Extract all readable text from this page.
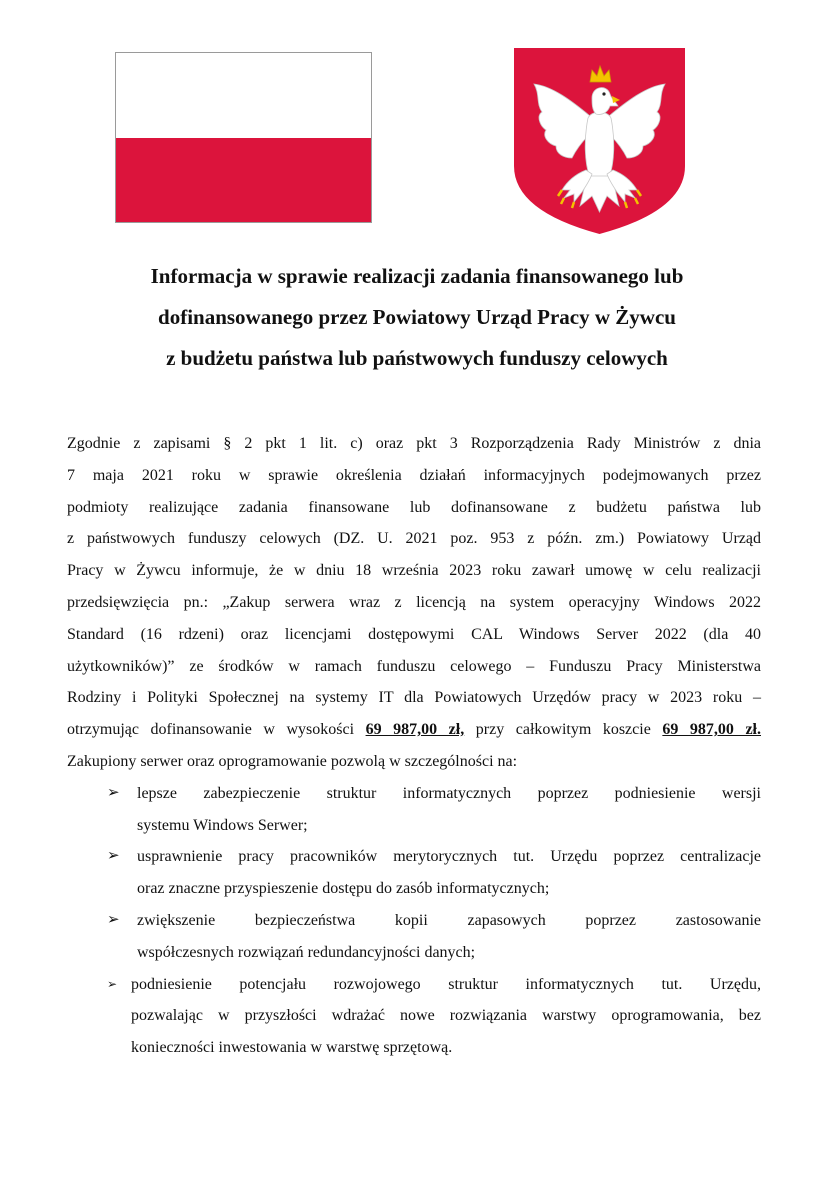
Informacja w sprawie realizacji zadania finansowanego lub
dofinansowanego przez Powiatowy Urząd Pracy w Żywcu
z budżetu państwa lub państwowych funduszy celowych

Zgodnie z zapisami § 2 pkt 1 lit. c) oraz pkt 3 Rozporządzenia Rady Ministrów z dnia
7 maja 2021 roku w sprawie określenia działań informacyjnych podejmowanych przez
podmioty realizujące zadania finansowane lub dofinansowane z budżetu państwa lub
z państwowych funduszy celowych (DZ. U. 2021 poz. 953 z późn. zm.) Powiatowy Urząd
Pracy w Żywcu informuje, że w dniu 18 września 2023 roku zawarł umowę w celu realizacji
przedsięwzięcia pn.: „Zakup serwera wraz z licencją na system operacyjny Windows 2022
Standard (16 rdzeni) oraz licencjami dostępowymi CAL Windows Server 2022 (dla 40
użytkowników)” ze środków w ramach funduszu celowego – Funduszu Pracy Ministerstwa
Rodziny i Polityki Społecznej na systemy IT dla Powiatowych Urzędów pracy w 2023 roku –
otrzymując dofinansowanie w wysokości 69 987,00 zł, przy całkowitym koszcie 69 987,00 zł.
Zakupiony serwer oraz oprogramowanie pozwolą w szczególności na:

➢ lepsze zabezpieczenie struktur informatycznych poprzez podniesienie wersji
systemu Windows Serwer;
➢ usprawnienie pracy pracowników merytorycznych tut. Urzędu poprzez centralizacje
oraz znaczne przyspieszenie dostępu do zasób informatycznych;
➢ zwiększenie bezpieczeństwa kopii zapasowych poprzez zastosowanie
współczesnych rozwiązań redundancyjności danych;
➢ podniesienie potencjału rozwojowego struktur informatycznych tut. Urzędu,
pozwalając w przyszłości wdrażać nowe rozwiązania warstwy oprogramowania, bez
konieczności inwestowania w warstwę sprzętową.
